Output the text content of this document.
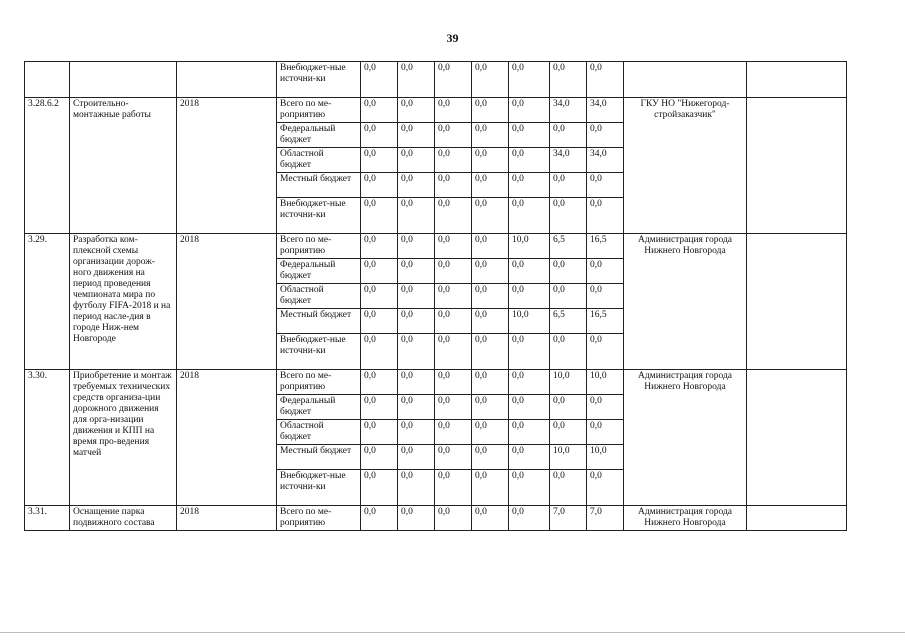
39
			Внебюджет-ные источни-ки	0,0	0,0	0,0	0,0	0,0	0,0	0,0		
3.28.6.2	Строительно-монтажные работы	2018	Всего по ме-роприятию	0,0	0,0	0,0	0,0	0,0	34,0	34,0	ГКУ НО "Нижегород-стройзаказчик"	
			Федеральный бюджет	0,0	0,0	0,0	0,0	0,0	0,0	0,0		
			Областной бюджет	0,0	0,0	0,0	0,0	0,0	34,0	34,0		
			Местный бюджет	0,0	0,0	0,0	0,0	0,0	0,0	0,0		
			Внебюджет-ные источни-ки	0,0	0,0	0,0	0,0	0,0	0,0	0,0		
3.29.	Разработка ком-плексной схемы организации дорож-ного движения на период проведения чемпионата мира по футболу FIFA-2018 и на период насле-дия в городе Ниж-нем Новгороде	2018	Всего по ме-роприятию	0,0	0,0	0,0	0,0	10,0	6,5	16,5	Администрация города Нижнего Новгорода	
			Федеральный бюджет	0,0	0,0	0,0	0,0	0,0	0,0	0,0		
			Областной бюджет	0,0	0,0	0,0	0,0	0,0	0,0	0,0		
			Местный бюджет	0,0	0,0	0,0	0,0	10,0	6,5	16,5		
			Внебюджет-ные источни-ки	0,0	0,0	0,0	0,0	0,0	0,0	0,0		
3.30.	Приобретение и монтаж требуемых технических средств организа-ции дорожного движения для орга-низации движения и КПП на время про-ведения матчей	2018	Всего по ме-роприятию	0,0	0,0	0,0	0,0	0,0	10,0	10,0	Администрация города Нижнего Новгорода	
			Федеральный бюджет	0,0	0,0	0,0	0,0	0,0	0,0	0,0		
			Областной бюджет	0,0	0,0	0,0	0,0	0,0	0,0	0,0		
			Местный бюджет	0,0	0,0	0,0	0,0	0,0	10,0	10,0		
			Внебюджет-ные источни-ки	0,0	0,0	0,0	0,0	0,0	0,0	0,0		
3.31.	Оснащение парка подвижного состава	2018	Всего по ме-роприятию	0,0	0,0	0,0	0,0	0,0	7,0	7,0	Администрация города Нижнего Новгорода	
